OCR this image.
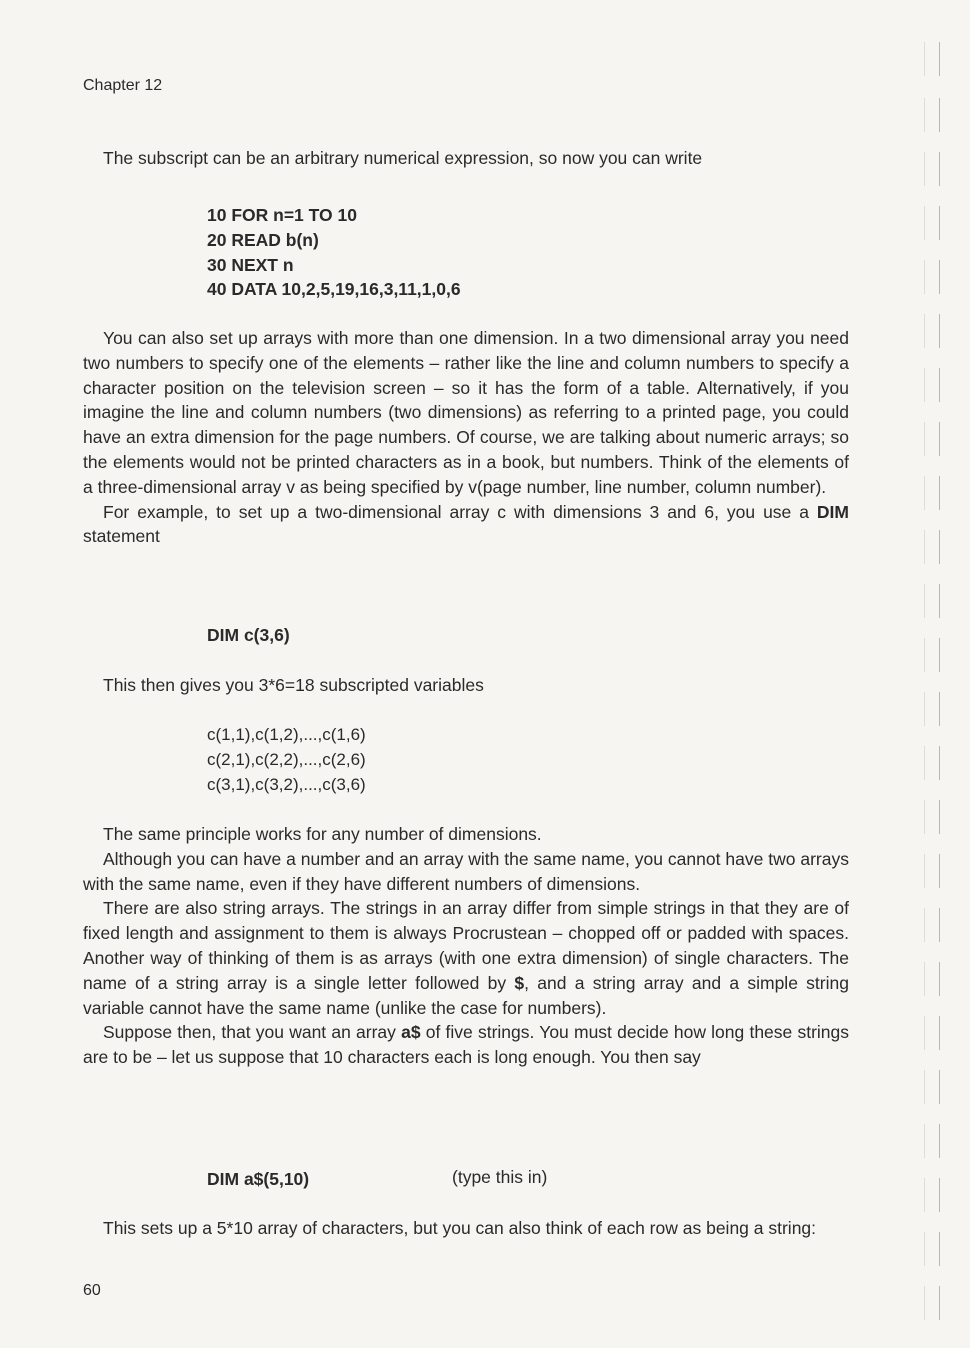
Chapter 12

The subscript can be an arbitrary numerical expression, so now you can write

10 FOR n=1 TO 10
20 READ b(n)
30 NEXT n
40 DATA 10,2,5,19,16,3,11,1,0,6

You can also set up arrays with more than one dimension. In a two dimensional array you need two numbers to specify one of the elements – rather like the line and column numbers to specify a character position on the television screen – so it has the form of a table. Alternatively, if you imagine the line and column numbers (two dimensions) as referring to a printed page, you could have an extra dimension for the page numbers. Of course, we are talking about numeric arrays; so the elements would not be printed characters as in a book, but numbers. Think of the elements of a three-dimensional array v as being specified by v(page number, line number, column number).

For example, to set up a two-dimensional array c with dimensions 3 and 6, you use a DIM statement

DIM c(3,6)

This then gives you 3*6=18 subscripted variables

c(1,1),c(1,2),...,c(1,6)
c(2,1),c(2,2),...,c(2,6)
c(3,1),c(3,2),...,c(3,6)

The same principle works for any number of dimensions.

Although you can have a number and an array with the same name, you cannot have two arrays with the same name, even if they have different numbers of dimensions.

There are also string arrays. The strings in an array differ from simple strings in that they are of fixed length and assignment to them is always Procrustean – chopped off or padded with spaces. Another way of thinking of them is as arrays (with one extra dimension) of single characters. The name of a string array is a single letter followed by $, and a string array and a simple string variable cannot have the same name (unlike the case for numbers).

Suppose then, that you want an array a$ of five strings. You must decide how long these strings are to be – let us suppose that 10 characters each is long enough. You then say

DIM a$(5,10)	(type this in)

This sets up a 5*10 array of characters, but you can also think of each row as being a string:

60
